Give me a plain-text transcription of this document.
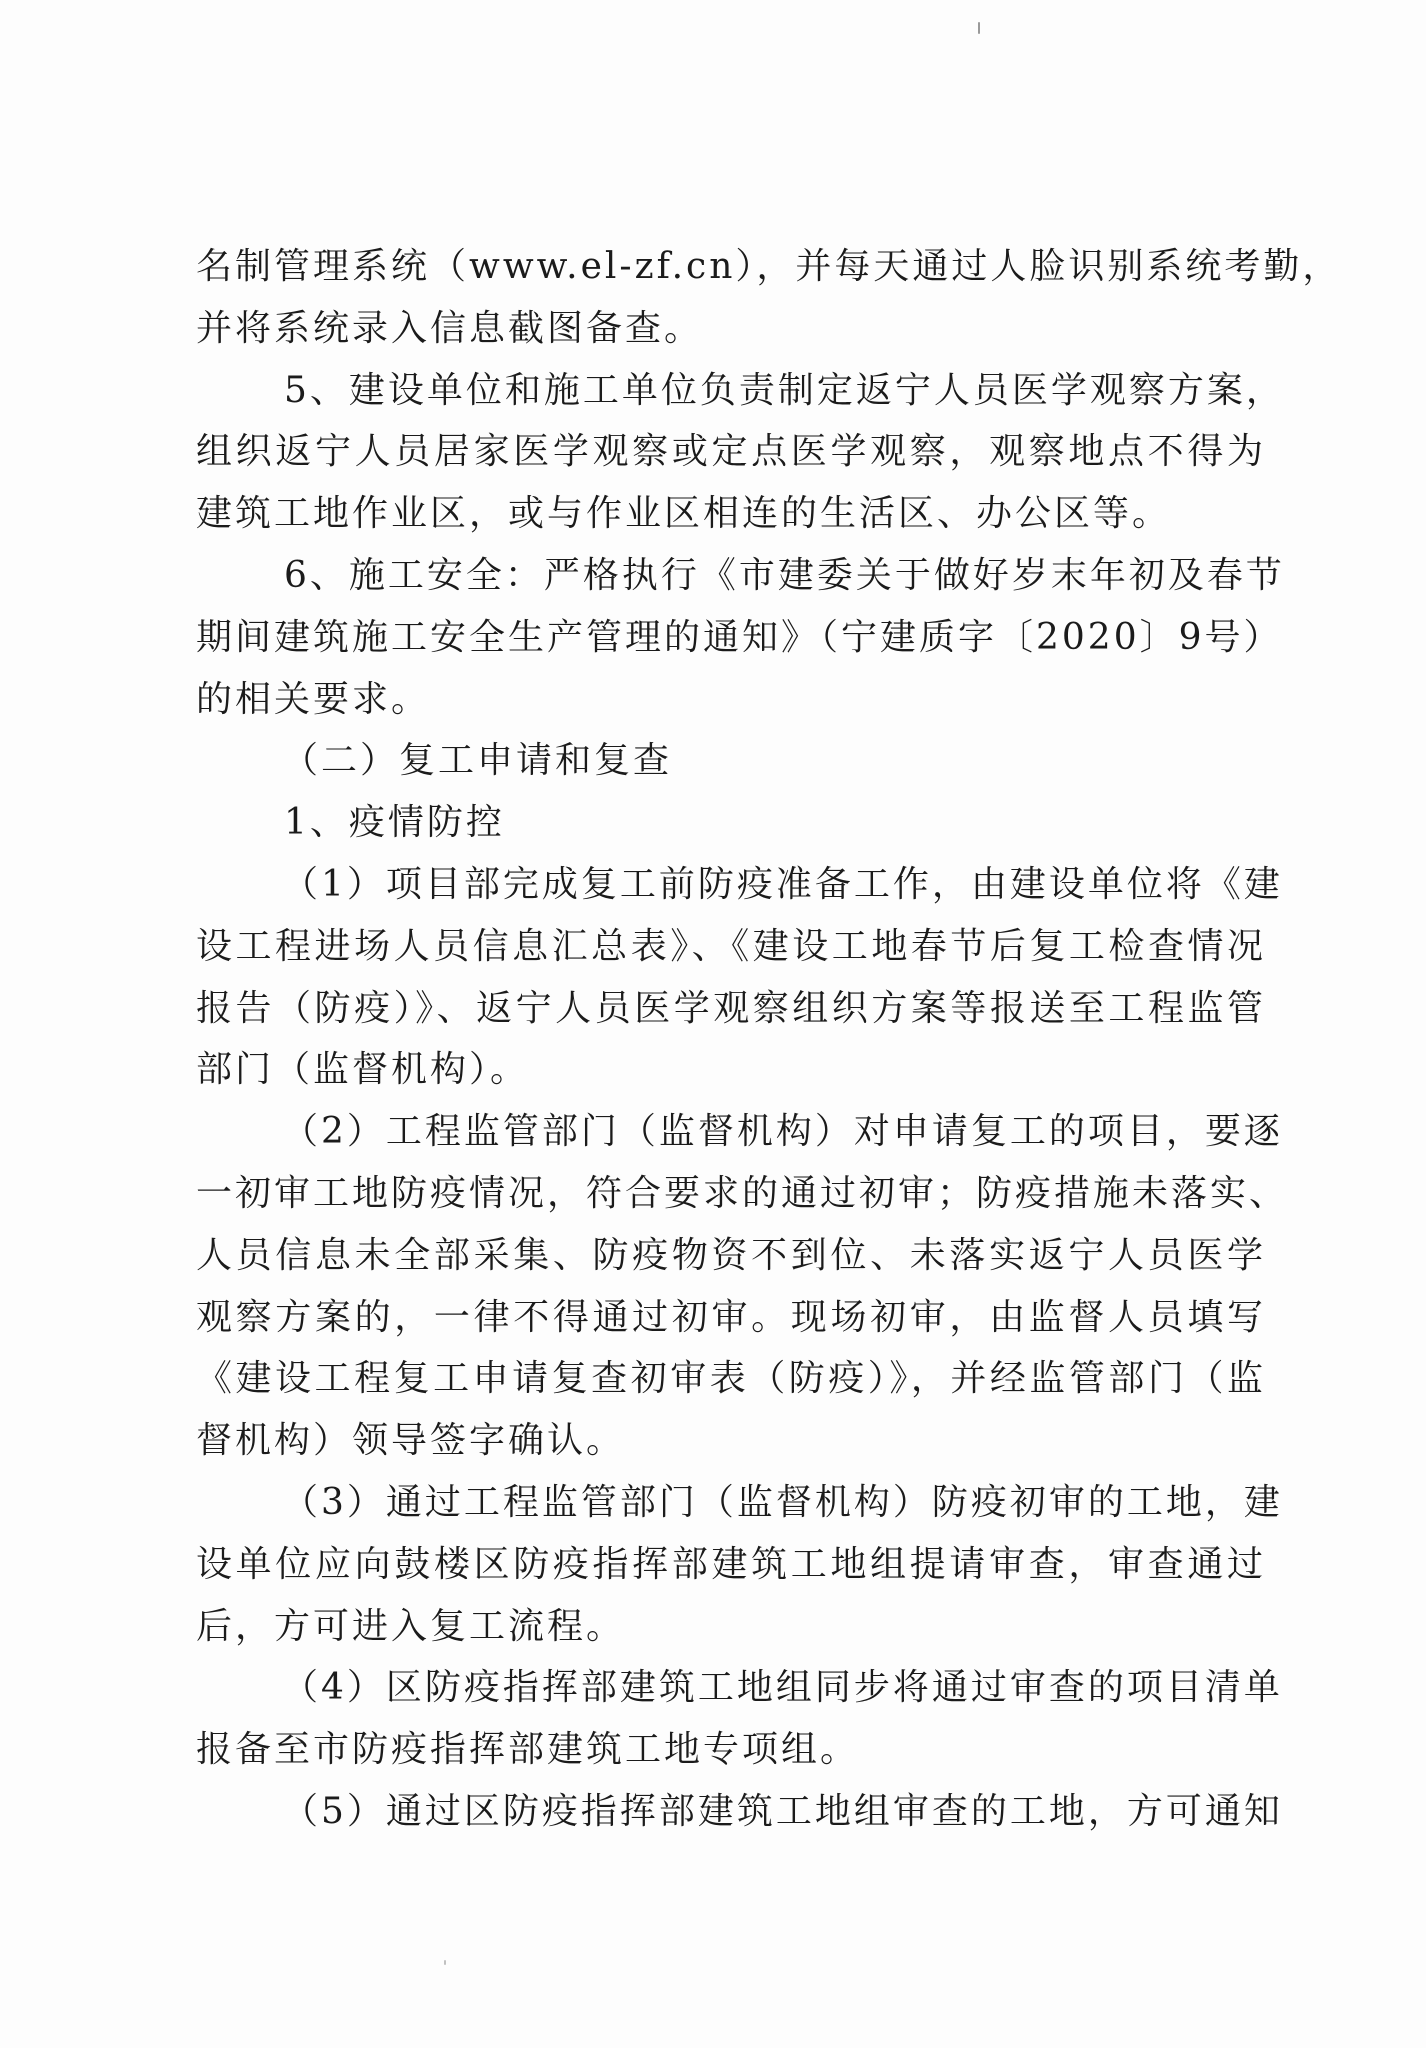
名制管理系统（www.el-zf.cn），并每天通过人脸识别系统考勤，
并将系统录入信息截图备查。
5、建设单位和施工单位负责制定返宁人员医学观察方案，
组织返宁人员居家医学观察或定点医学观察，观察地点不得为
建筑工地作业区，或与作业区相连的生活区、办公区等。
6、施工安全：严格执行《市建委关于做好岁末年初及春节
期间建筑施工安全生产管理的通知》（宁建质字〔2020〕9号）
的相关要求。
（二）复工申请和复查
1、疫情防控
（1）项目部完成复工前防疫准备工作，由建设单位将《建
设工程进场人员信息汇总表》、《建设工地春节后复工检查情况
报告（防疫）》、返宁人员医学观察组织方案等报送至工程监管
部门（监督机构）。
（2）工程监管部门（监督机构）对申请复工的项目，要逐
一初审工地防疫情况，符合要求的通过初审；防疫措施未落实、
人员信息未全部采集、防疫物资不到位、未落实返宁人员医学
观察方案的，一律不得通过初审。现场初审，由监督人员填写
《建设工程复工申请复查初审表（防疫）》，并经监管部门（监
督机构）领导签字确认。
（3）通过工程监管部门（监督机构）防疫初审的工地，建
设单位应向鼓楼区防疫指挥部建筑工地组提请审查，审查通过
后，方可进入复工流程。
（4）区防疫指挥部建筑工地组同步将通过审查的项目清单
报备至市防疫指挥部建筑工地专项组。
（5）通过区防疫指挥部建筑工地组审查的工地，方可通知
